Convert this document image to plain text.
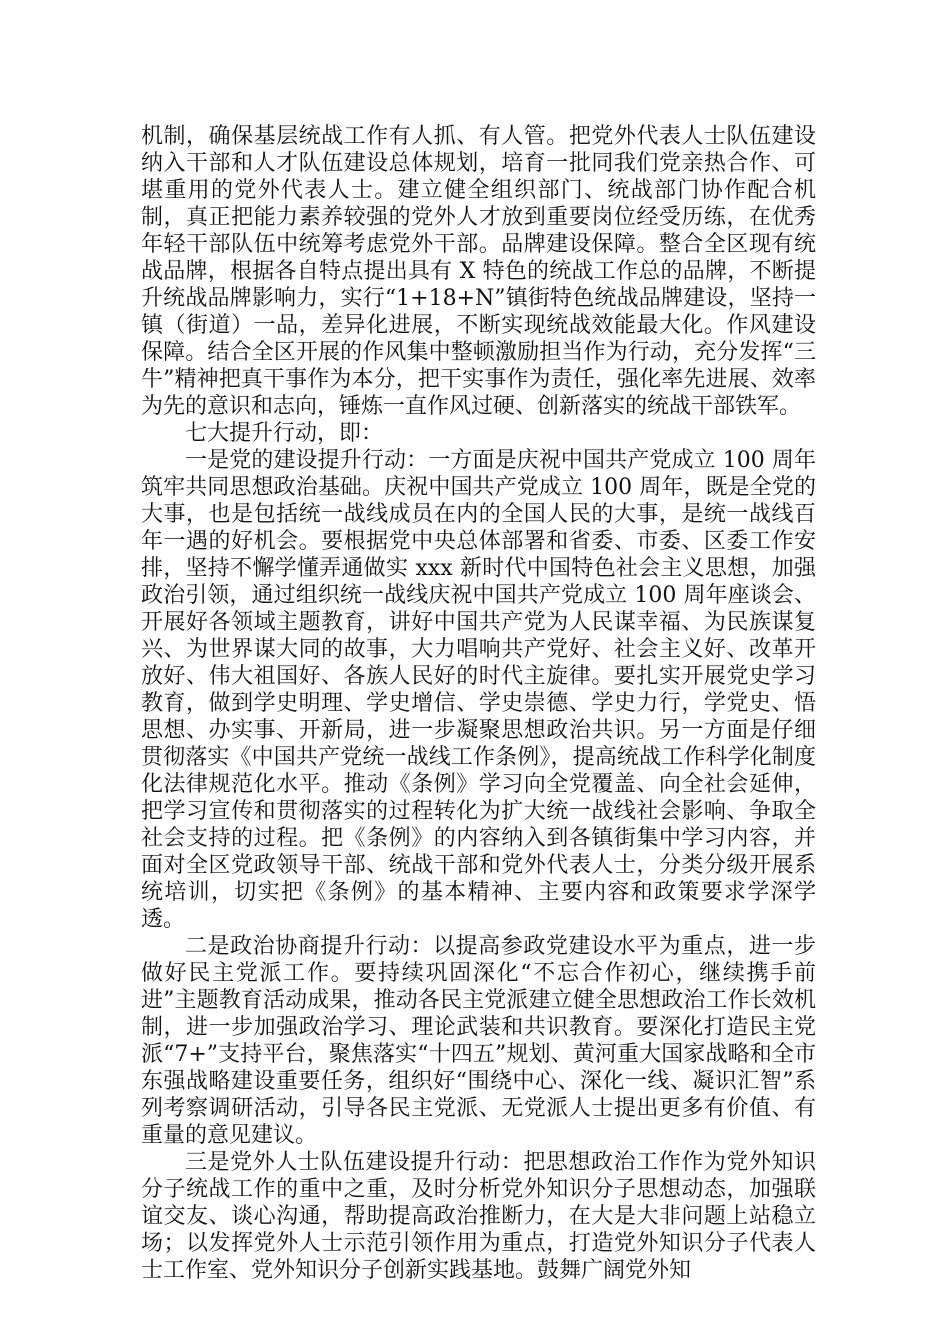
机制，确保基层统战工作有人抓、有人管。把党外代表人士队伍建设纳入干部和人才队伍建设总体规划，培育一批同我们党亲热合作、可堪重用的党外代表人士。建立健全组织部门、统战部门协作配合机制，真正把能力素养较强的党外人才放到重要岗位经受历练，在优秀年轻干部队伍中统筹考虑党外干部。品牌建设保障。整合全区现有统战品牌，根据各自特点提出具有 X 特色的统战工作总的品牌，不断提升统战品牌影响力，实行“1+18+N”镇街特色统战品牌建设，坚持一镇（街道）一品，差异化进展，不断实现统战效能最大化。作风建设保障。结合全区开展的作风集中整顿激励担当作为行动，充分发挥“三牛”精神把真干事作为本分，把干实事作为责任，强化率先进展、效率为先的意识和志向，锤炼一直作风过硬、创新落实的统战干部铁军。

七大提升行动，即：

一是党的建设提升行动：一方面是庆祝中国共产党成立 100 周年筑牢共同思想政治基础。庆祝中国共产党成立 100 周年，既是全党的大事，也是包括统一战线成员在内的全国人民的大事，是统一战线百年一遇的好机会。要根据党中央总体部署和省委、市委、区委工作安排，坚持不懈学懂弄通做实 xxx 新时代中国特色社会主义思想，加强政治引领，通过组织统一战线庆祝中国共产党成立 100 周年座谈会、开展好各领域主题教育，讲好中国共产党为人民谋幸福、为民族谋复兴、为世界谋大同的故事，大力唱响共产党好、社会主义好、改革开放好、伟大祖国好、各族人民好的时代主旋律。要扎实开展党史学习教育，做到学史明理、学史增信、学史崇德、学史力行，学党史、悟思想、办实事、开新局，进一步凝聚思想政治共识。另一方面是仔细贯彻落实《中国共产党统一战线工作条例》，提高统战工作科学化制度化法律规范化水平。推动《条例》学习向全党覆盖、向全社会延伸，把学习宣传和贯彻落实的过程转化为扩大统一战线社会影响、争取全社会支持的过程。把《条例》的内容纳入到各镇街集中学习内容，并面对全区党政领导干部、统战干部和党外代表人士，分类分级开展系统培训，切实把《条例》的基本精神、主要内容和政策要求学深学透。

二是政治协商提升行动：以提高参政党建设水平为重点，进一步做好民主党派工作。要持续巩固深化“不忘合作初心，继续携手前进”主题教育活动成果，推动各民主党派建立健全思想政治工作长效机制，进一步加强政治学习、理论武装和共识教育。要深化打造民主党派“7+”支持平台，聚焦落实“十四五”规划、黄河重大国家战略和全市东强战略建设重要任务，组织好“围绕中心、深化一线、凝识汇智”系列考察调研活动，引导各民主党派、无党派人士提出更多有价值、有重量的意见建议。

三是党外人士队伍建设提升行动：把思想政治工作作为党外知识分子统战工作的重中之重，及时分析党外知识分子思想动态，加强联谊交友、谈心沟通，帮助提高政治推断力，在大是大非问题上站稳立场；以发挥党外人士示范引领作用为重点，打造党外知识分子代表人士工作室、党外知识分子创新实践基地。鼓舞广阔党外知
